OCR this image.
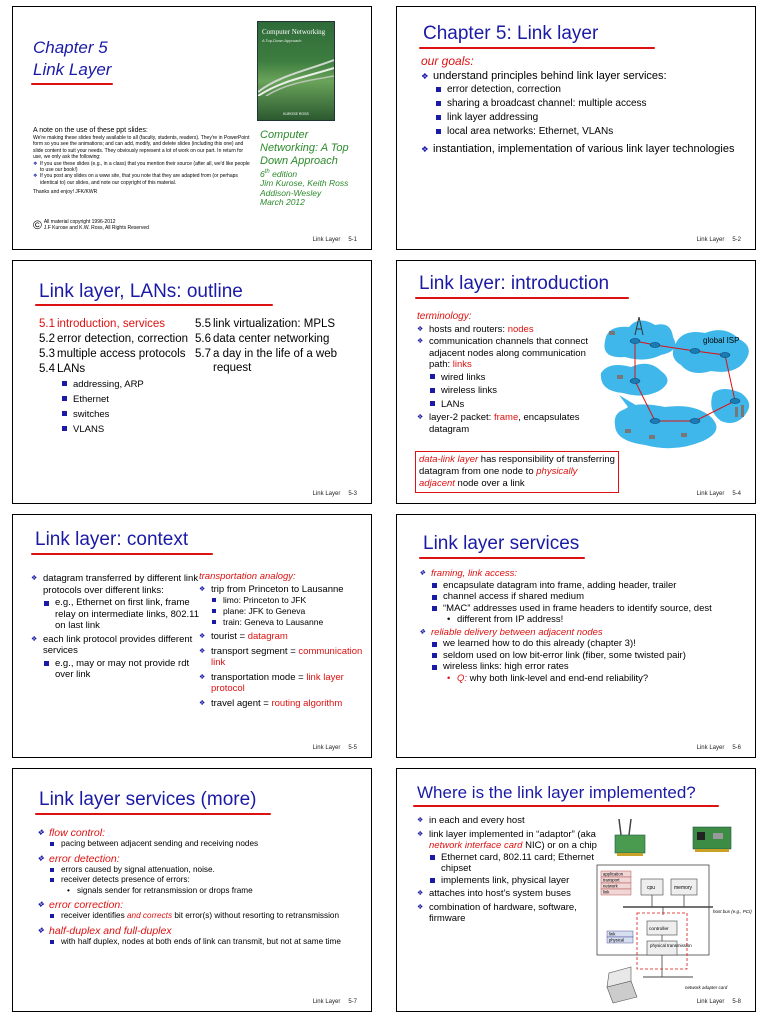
Chapter 5
Link Layer
Computer Networking
A Top-Down Approach
KUROSE ROSS
A note on the use of these ppt slides:
We're making these slides freely available to all (faculty, students, readers). They're in PowerPoint form so you see the animations; and can add, modify, and delete slides (including this one) and slide content to suit your needs. They obviously represent a lot of work on our part. In return for use, we only ask the following:
❖ If you use these slides (e.g., in a class) that you mention their source (after all, we'd like people to use our book!)
❖ If you post any slides on a www site, that you note that they are adapted from (or perhaps identical to) our slides, and note our copyright of this material.
Thanks and enjoy! JFK/KWR
Computer
Networking: A Top
Down Approach
6th edition
Jim Kurose, Keith Ross
Addison-Wesley
March 2012
© All material copyright 1996-2012
J.F Kurose and K.W. Ross, All Rights Reserved
Link Layer 5-1
Chapter 5: Link layer
our goals:
❖ understand principles behind link layer services:
error detection, correction
sharing a broadcast channel: multiple access
link layer addressing
local area networks: Ethernet, VLANs
❖ instantiation, implementation of various link layer technologies
Link Layer 5-2
Link layer, LANs: outline
5.1 introduction, services
5.2 error detection, correction
5.3 multiple access protocols
5.4 LANs
addressing, ARP
Ethernet
switches
VLANS
5.5 link virtualization: MPLS
5.6 data center networking
5.7 a day in the life of a web request
Link Layer 5-3
Link layer: introduction
terminology:
❖ hosts and routers: nodes
❖ communication channels that connect adjacent nodes along communication path: links
wired links
wireless links
LANs
❖ layer-2 packet: frame, encapsulates datagram
data-link layer has responsibility of transferring datagram from one node to physically adjacent node over a link
global ISP
Link Layer 5-4
Link layer: context
❖ datagram transferred by different link protocols over different links:
e.g., Ethernet on first link, frame relay on intermediate links, 802.11 on last link
❖ each link protocol provides different services
e.g., may or may not provide rdt over link
transportation analogy:
❖ trip from Princeton to Lausanne
limo: Princeton to JFK
plane: JFK to Geneva
train: Geneva to Lausanne
❖ tourist = datagram
❖ transport segment = communication link
❖ transportation mode = link layer protocol
❖ travel agent = routing algorithm
Link Layer 5-5
Link layer services
❖ framing, link access:
encapsulate datagram into frame, adding header, trailer
channel access if shared medium
“MAC” addresses used in frame headers to identify source, dest
• different from IP address!
❖ reliable delivery between adjacent nodes
we learned how to do this already (chapter 3)!
seldom used on low bit-error link (fiber, some twisted pair)
wireless links: high error rates
• Q: why both link-level and end-end reliability?
Link Layer 5-6
Link layer services (more)
❖ flow control:
pacing between adjacent sending and receiving nodes
❖ error detection:
errors caused by signal attenuation, noise.
receiver detects presence of errors:
• signals sender for retransmission or drops frame
❖ error correction:
receiver identifies and corrects bit error(s) without resorting to retransmission
❖ half-duplex and full-duplex
with half duplex, nodes at both ends of link can transmit, but not at same time
Link Layer 5-7
Where is the link layer implemented?
❖ in each and every host
❖ link layer implemented in “adaptor” (aka network interface card NIC) or on a chip
Ethernet card, 802.11 card; Ethernet chipset
implements link, physical layer
❖ attaches into host’s system buses
❖ combination of hardware, software, firmware
application
transport
network
link
cpu	memory
controller
physical transmission
link
physical
host bus (e.g., PCI)
network adapter card
Link Layer 5-8
